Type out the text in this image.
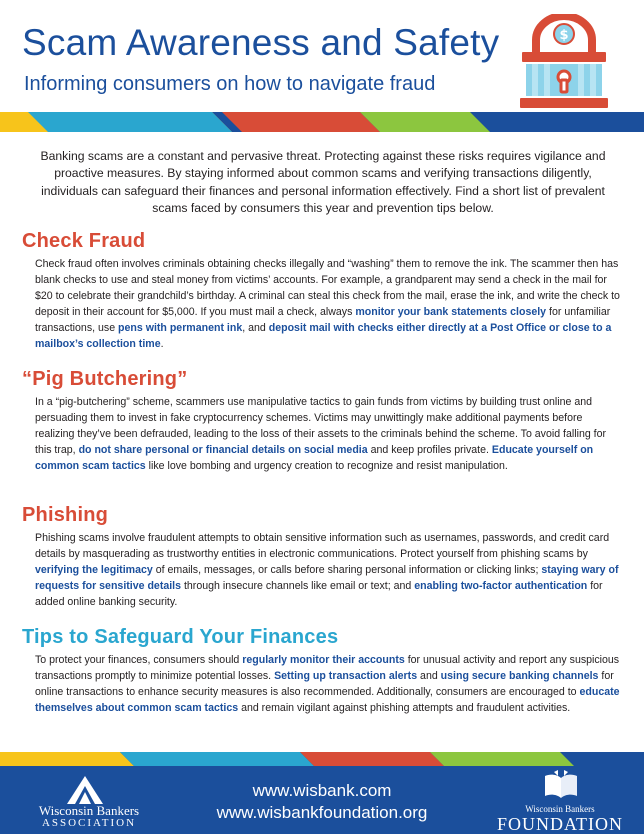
Scam Awareness and Safety
Informing consumers on how to navigate fraud
$

Banking scams are a constant and pervasive threat. Protecting against these risks requires vigilance and proactive measures. By staying informed about common scams and verifying transactions diligently, individuals can safeguard their finances and personal information effectively. Find a short list of prevalent scams faced by consumers this year and prevention tips below.

Check Fraud

Check fraud often involves criminals obtaining checks illegally and “washing” them to remove the ink. The scammer then has blank checks to use and steal money from victims’ accounts. For example, a grandparent may send a check in the mail for $20 to celebrate their grandchild’s birthday. A criminal can steal this check from the mail, erase the ink, and write the check to deposit in their account for $5,000. If you must mail a check, always monitor your bank statements closely for unfamiliar transactions, use pens with permanent ink, and deposit mail with checks either directly at a Post Office or close to a mailbox’s collection time.

“Pig Butchering”

In a “pig-butchering” scheme, scammers use manipulative tactics to gain funds from victims by building trust online and persuading them to invest in fake cryptocurrency schemes. Victims may unwittingly make additional payments before realizing they’ve been defrauded, leading to the loss of their assets to the criminals behind the scheme. To avoid falling for this trap, do not share personal or financial details on social media and keep profiles private. Educate yourself on common scam tactics like love bombing and urgency creation to recognize and resist manipulation.

Phishing

Phishing scams involve fraudulent attempts to obtain sensitive information such as usernames, passwords, and credit card details by masquerading as trustworthy entities in electronic communications. Protect yourself from phishing scams by verifying the legitimacy of emails, messages, or calls before sharing personal information or clicking links; staying wary of requests for sensitive details through insecure channels like email or text; and enabling two-factor authentication for added online banking security.

Tips to Safeguard Your Finances

To protect your finances, consumers should regularly monitor their accounts for unusual activity and report any suspicious transactions promptly to minimize potential losses. Setting up transaction alerts and using secure banking channels for online transactions to enhance security measures is also recommended. Additionally, consumers are encouraged to educate themselves about common scam tactics and remain vigilant against phishing attempts and fraudulent activities.

Wisconsin Bankers
ASSOCIATION
www.wisbank.com
www.wisbankfoundation.org	Wisconsin Bankers
FOUNDATION
